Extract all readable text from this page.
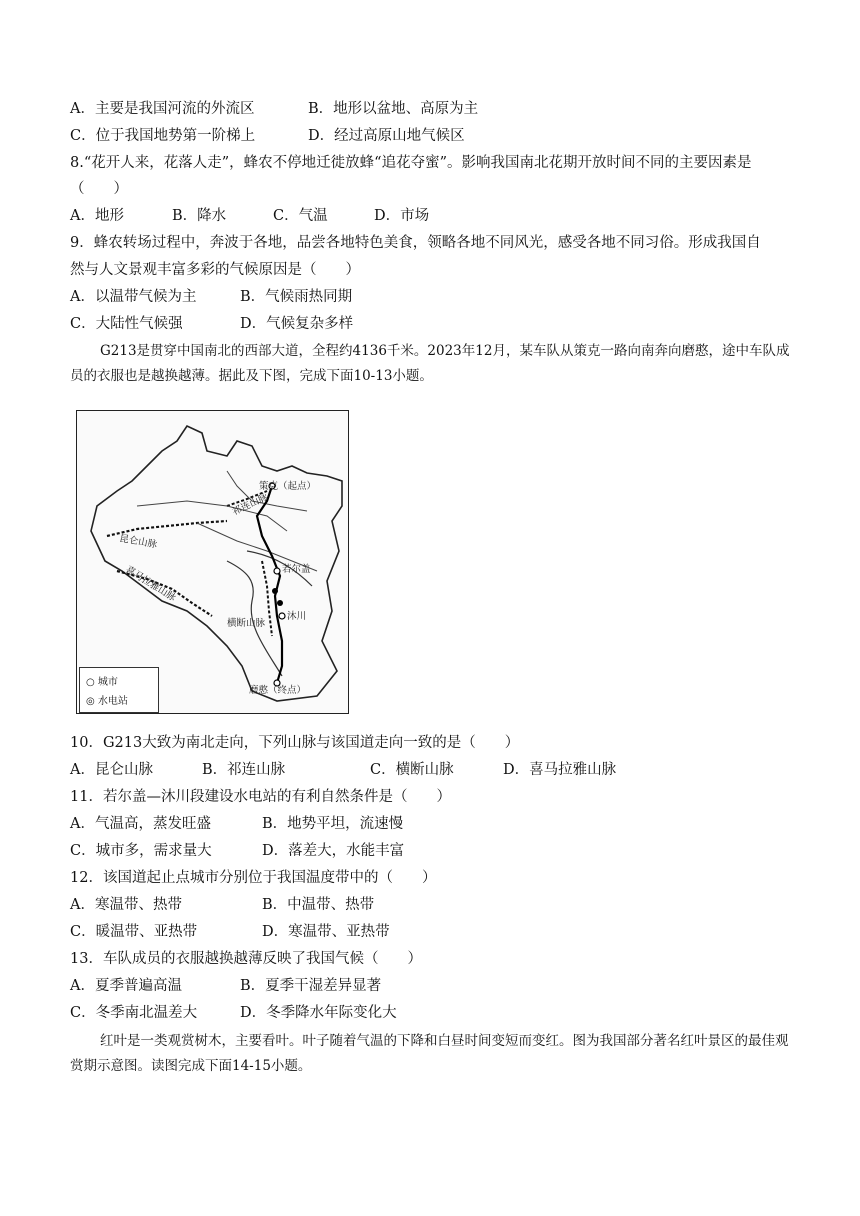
A．主要是我国河流的外流区	B．地形以盆地、高原为主
C．位于我国地势第一阶梯上	D．经过高原山地气候区
8.“花开人来，花落人走”，蜂农不停地迁徙放蜂“追花夺蜜”。影响我国南北花期开放时间不同的主要因素是
（　　）
A．地形	B．降水	C．气温	D．市场
9．蜂农转场过程中，奔波于各地，品尝各地特色美食，领略各地不同风光，感受各地不同习俗。形成我国自
然与人文景观丰富多彩的气候原因是（　　）
A．以温带气候为主	B．气候雨热同期
C．大陆性气候强	D．气候复杂多样
G213是贯穿中国南北的西部大道，全程约4136千米。2023年12月，某车队从策克一路向南奔向磨憨，途中车队成员的衣服也是越换越薄。据此及下图，完成下面10-13小题。
策克（起点）
祁连山脉
昆仑山脉
喜马拉雅山脉	若尔盖
横断山脉
沐川
磨憨（终点）
○ 城市
◎ 水电站
10．G213大致为南北走向，下列山脉与该国道走向一致的是（　　）
A．昆仑山脉	B．祁连山脉	C．横断山脉	D．喜马拉雅山脉
11．若尔盖—沐川段建设水电站的有利自然条件是（　　）
A．气温高，蒸发旺盛	B．地势平坦，流速慢
C．城市多，需求量大	D．落差大，水能丰富
12．该国道起止点城市分别位于我国温度带中的（　　）
A．寒温带、热带	B．中温带、热带
C．暖温带、亚热带	D．寒温带、亚热带
13．车队成员的衣服越换越薄反映了我国气候（　　）
A．夏季普遍高温	B．夏季干湿差异显著
C．冬季南北温差大	D．冬季降水年际变化大
红叶是一类观赏树木，主要看叶。叶子随着气温的下降和白昼时间变短而变红。图为我国部分著名红叶景区的最佳观赏期示意图。读图完成下面14-15小题。
